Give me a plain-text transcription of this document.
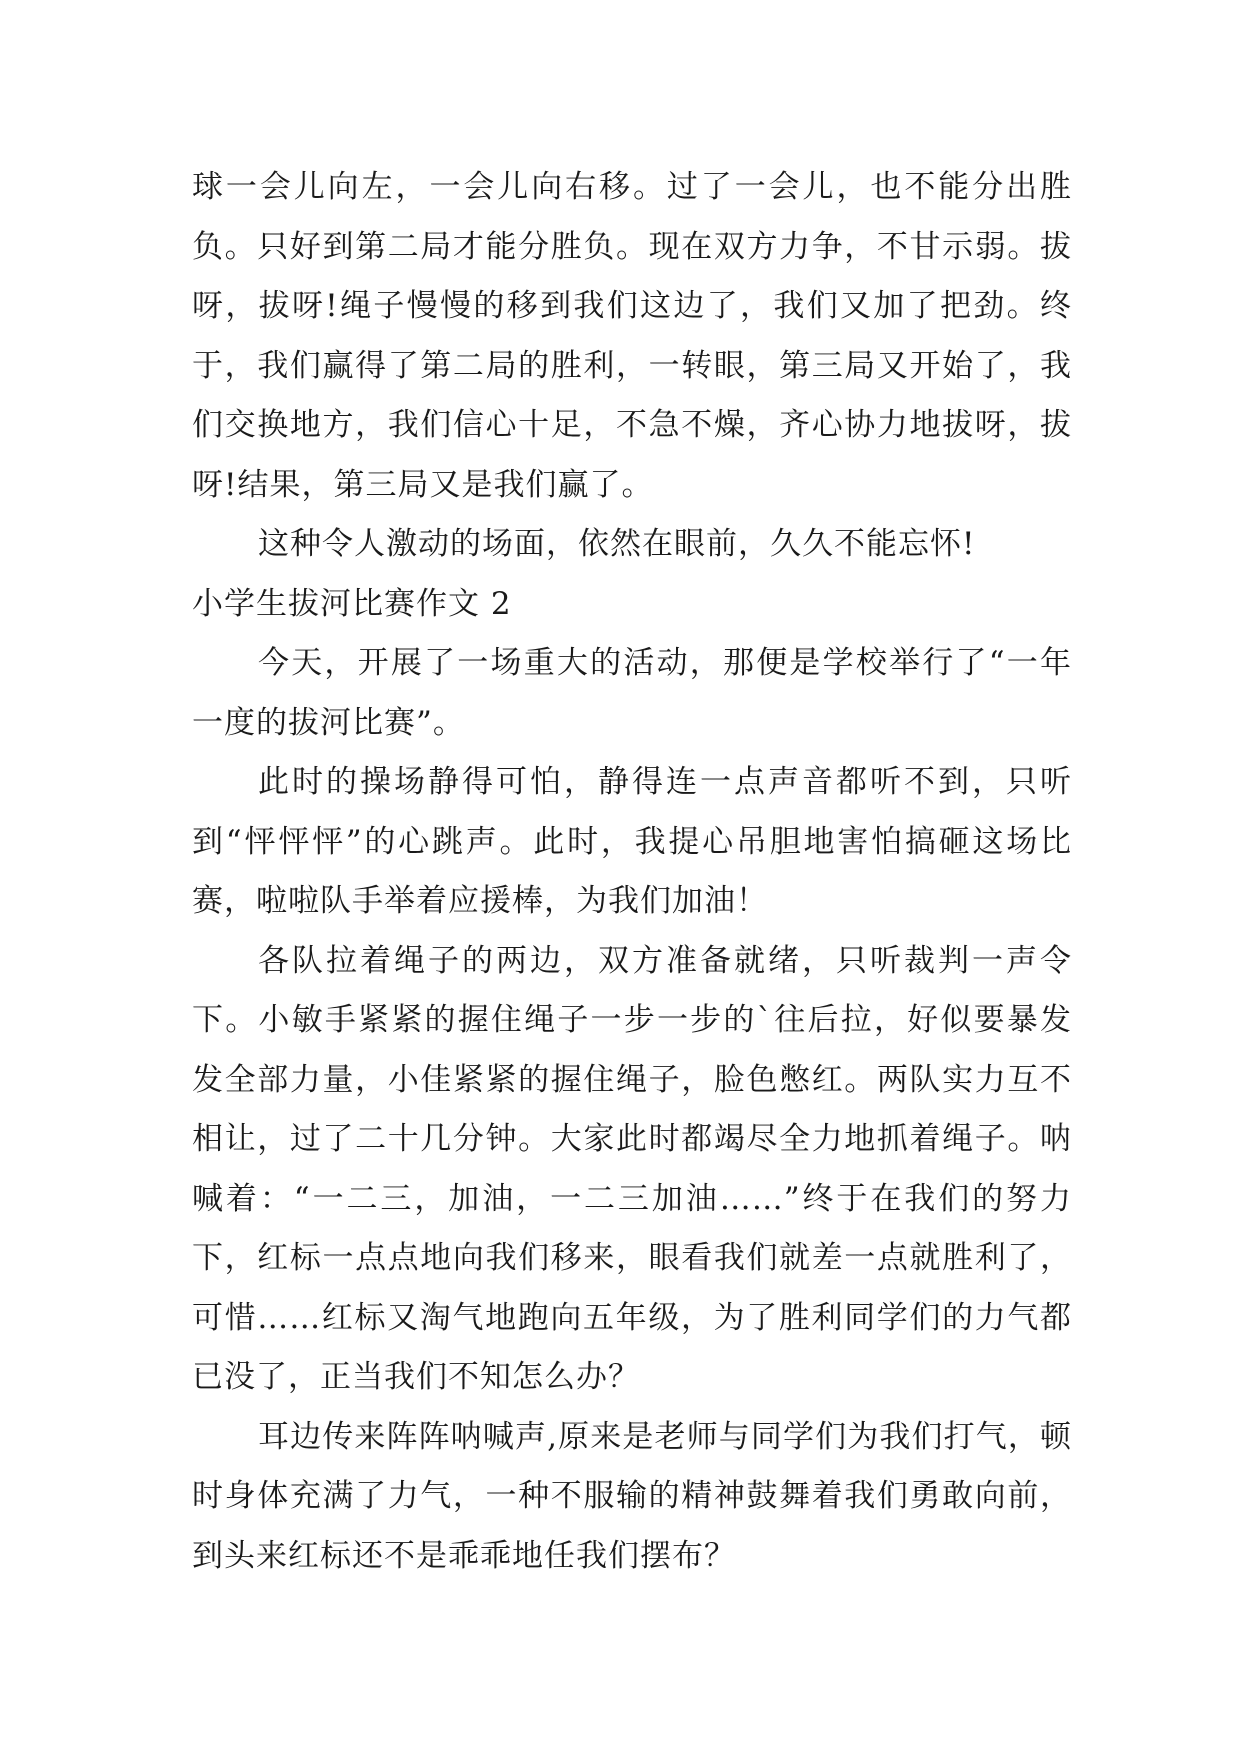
球一会儿向左，一会儿向右移。过了一会儿，也不能分出胜负。只好到第二局才能分胜负。现在双方力争，不甘示弱。拔呀，拔呀!绳子慢慢的移到我们这边了，我们又加了把劲。终于，我们赢得了第二局的胜利，一转眼，第三局又开始了，我们交换地方，我们信心十足，不急不燥，齐心协力地拔呀，拔呀!结果，第三局又是我们赢了。

这种令人激动的场面，依然在眼前，久久不能忘怀!

小学生拔河比赛作文 2

今天，开展了一场重大的活动，那便是学校举行了“一年一度的拔河比赛”。

此时的操场静得可怕，静得连一点声音都听不到，只听到“怦怦怦”的心跳声。此时，我提心吊胆地害怕搞砸这场比赛，啦啦队手举着应援棒，为我们加油！

各队拉着绳子的两边，双方准备就绪，只听裁判一声令下。小敏手紧紧的握住绳子一步一步的`往后拉，好似要暴发发全部力量，小佳紧紧的握住绳子，脸色憋红。两队实力互不相让，过了二十几分钟。大家此时都竭尽全力地抓着绳子。呐喊着：“一二三，加油，一二三加油……”终于在我们的努力下，红标一点点地向我们移来，眼看我们就差一点就胜利了，可惜……红标又淘气地跑向五年级，为了胜利同学们的力气都已没了，正当我们不知怎么办？

耳边传来阵阵呐喊声,原来是老师与同学们为我们打气，顿时身体充满了力气，一种不服输的精神鼓舞着我们勇敢向前，到头来红标还不是乖乖地任我们摆布？
